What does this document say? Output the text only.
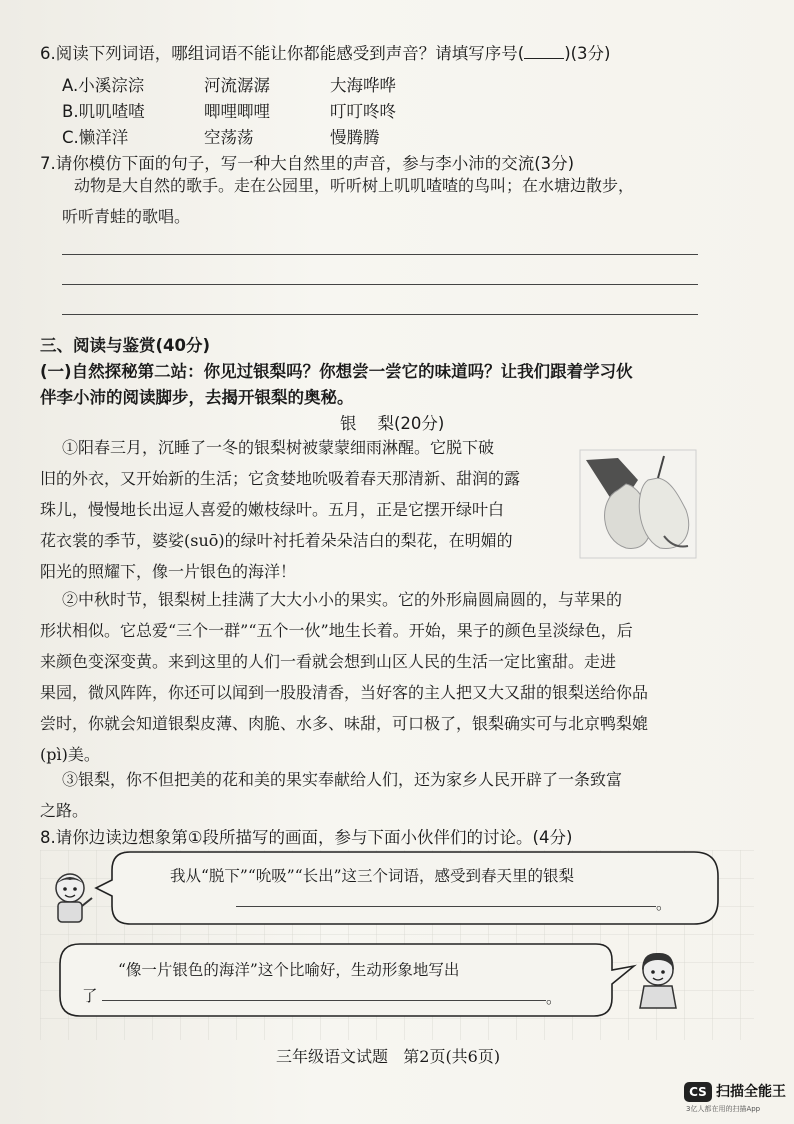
6.阅读下列词语，哪组词语不能让你都能感受到声音？请填写序号( )(3分)
A.小溪淙淙	河流潺潺	大海哗哗
B.叽叽喳喳	唧哩唧哩	叮叮咚咚
C.懒洋洋	空荡荡	慢腾腾
7.请你模仿下面的句子，写一种大自然里的声音，参与李小沛的交流(3分)
动物是大自然的歌手。走在公园里，听听树上叽叽喳喳的鸟叫；在水塘边散步，
听听青蛙的歌唱。
三、阅读与鉴赏(40分)
(一)自然探秘第二站：你见过银梨吗？你想尝一尝它的味道吗？让我们跟着学习伙
伴李小沛的阅读脚步，去揭开银梨的奥秘。
银    梨(20分)
①阳春三月，沉睡了一冬的银梨树被蒙蒙细雨淋醒。它脱下破
旧的外衣，又开始新的生活；它贪婪地吮吸着春天那清新、甜润的露
珠儿，慢慢地长出逗人喜爱的嫩枝绿叶。五月，正是它摆开绿叶白
花衣裳的季节，婆娑(suō)的绿叶衬托着朵朵洁白的梨花，在明媚的
阳光的照耀下，像一片银色的海洋！
②中秋时节，银梨树上挂满了大大小小的果实。它的外形扁圆扁圆的，与苹果的
形状相似。它总爱“三个一群”“五个一伙”地生长着。开始，果子的颜色呈淡绿色，后
来颜色变深变黄。来到这里的人们一看就会想到山区人民的生活一定比蜜甜。走进
果园，微风阵阵，你还可以闻到一股股清香，当好客的主人把又大又甜的银梨送给你品
尝时，你就会知道银梨皮薄、肉脆、水多、味甜，可口极了，银梨确实可与北京鸭梨媲
(pì)美。
③银梨，你不但把美的花和美的果实奉献给人们，还为家乡人民开辟了一条致富
之路。
8.请你边读边想象第①段所描写的画面，参与下面小伙伴们的讨论。(4分)
我从“脱下”“吮吸”“长出”这三个词语，感受到春天里的银梨
。
“像一片银色的海洋”这个比喻好，生动形象地写出
了	。
三年级语文试题   第2页(共6页)
CS 扫描全能王
3亿人都在用的扫描App
